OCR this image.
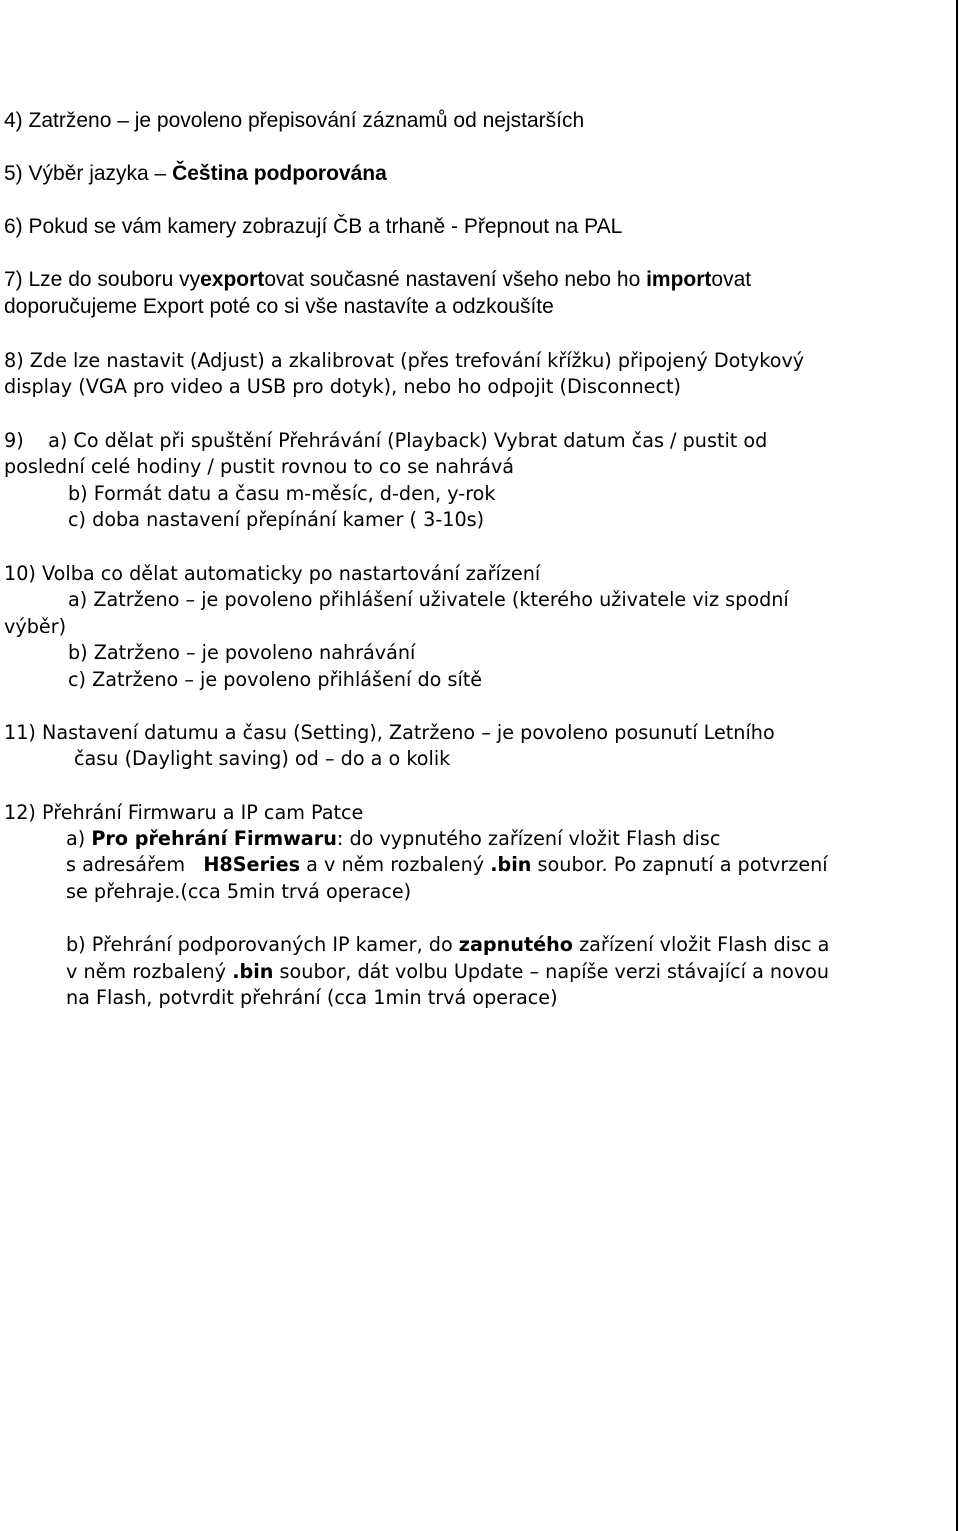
4) Zatrženo – je povoleno přepisování záznamů od nejstarších
5) Výběr jazyka – Čeština podporována
6) Pokud se vám kamery zobrazují ČB a trhaně - Přepnout na PAL
7) Lze do souboru vyexportovat současné nastavení všeho nebo ho importovat
doporučujeme Export poté co si vše nastavíte a odzkoušíte
8) Zde lze nastavit (Adjust) a zkalibrovat (přes trefování křížku) připojený Dotykový
display (VGA pro video a USB pro dotyk), nebo ho odpojit (Disconnect)
9)    a) Co dělat při spuštění Přehrávání (Playback) Vybrat datum čas / pustit od
poslední celé hodiny / pustit rovnou to co se nahrává
b) Formát datu a času m-měsíc, d-den, y-rok
c) doba nastavení přepínání kamer ( 3-10s)
10) Volba co dělat automaticky po nastartování zařízení
a) Zatrženo – je povoleno přihlášení uživatele (kterého uživatele viz spodní
výběr)
b) Zatrženo – je povoleno nahrávání
c) Zatrženo – je povoleno přihlášení do sítě
11) Nastavení datumu a času (Setting), Zatrženo – je povoleno posunutí Letního
času (Daylight saving) od – do a o kolik
12) Přehrání Firmwaru a IP cam Patce
a) Pro přehrání Firmwaru: do vypnutého zařízení vložit Flash disc
s adresářem   H8Series a v něm rozbalený .bin soubor. Po zapnutí a potvrzení
se přehraje.(cca 5min trvá operace)
b) Přehrání podporovaných IP kamer, do zapnutého zařízení vložit Flash disc a
v něm rozbalený .bin soubor, dát volbu Update – napíše verzi stávající a novou
na Flash, potvrdit přehrání (cca 1min trvá operace)
